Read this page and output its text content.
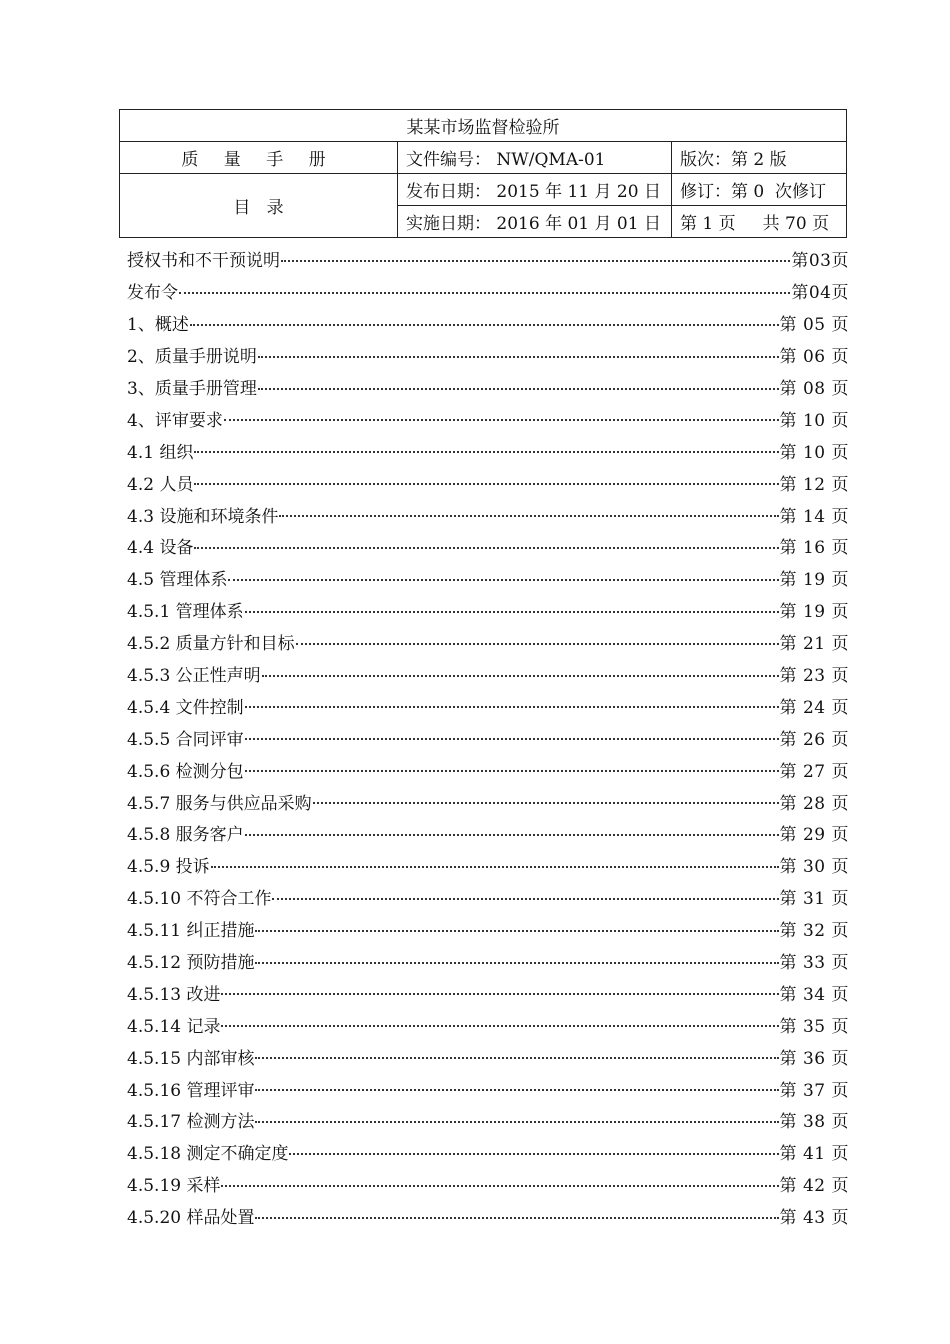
某某市场监督检验所		
质 量 手 册	文件编号： NW/QMA-01	版次：第 2 版
目   录	发布日期： 2015 年 11 月 20 日	修订：第 0  次修订
	实施日期： 2016 年 01 月 01 日	第 1 页     共 70 页
授权书和不干预说明	第03页
发布令	第04页
1、概述	第 05 页
2、质量手册说明	第 06 页
3、质量手册管理	第 08 页
4、评审要求	第 10 页
4.1 组织	第 10 页
4.2 人员	第 12 页
4.3 设施和环境条件	第 14 页
4.4 设备	第 16 页
4.5 管理体系	第 19 页
4.5.1 管理体系	第 19 页
4.5.2 质量方针和目标	第 21 页
4.5.3 公正性声明	第 23 页
4.5.4 文件控制	第 24 页
4.5.5 合同评审	第 26 页
4.5.6 检测分包	第 27 页
4.5.7 服务与供应品采购	第 28 页
4.5.8 服务客户	第 29 页
4.5.9 投诉	第 30 页
4.5.10 不符合工作	第 31 页
4.5.11 纠正措施	第 32 页
4.5.12 预防措施	第 33 页
4.5.13 改进	第 34 页
4.5.14 记录	第 35 页
4.5.15 内部审核	第 36 页
4.5.16 管理评审	第 37 页
4.5.17 检测方法	第 38 页
4.5.18 测定不确定度	第 41 页
4.5.19 采样	第 42 页
4.5.20 样品处置	第 43 页
